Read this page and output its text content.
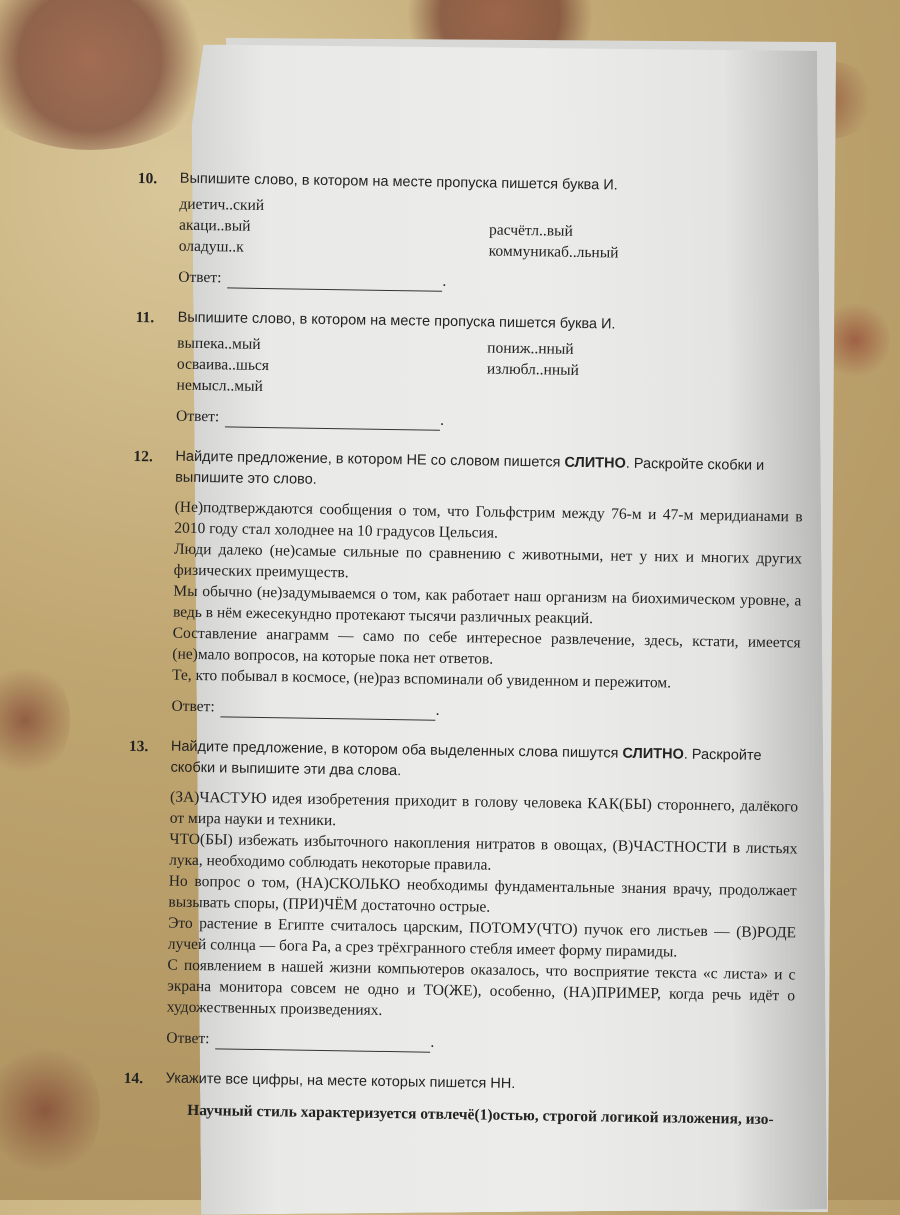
10. Выпишите слово, в котором на месте пропуска пишется буква И.
диетич..ский
акаци..вый	расчётл..вый
оладуш..к	коммуникаб..льный
Ответ:	.
11. Выпишите слово, в котором на месте пропуска пишется буква И.
выпека..мый	пониж..нный
осваива..шься	излюбл..нный
немысл..мый
Ответ:	.
12. Найдите предложение, в котором НЕ со словом пишется СЛИТНО. Раскройте скобки и выпишите это слово.

(Не)подтверждаются сообщения о том, что Гольфстрим между 76-м и 47-м меридианами в 2010 году стал холоднее на 10 градусов Цельсия.

Люди далеко (не)самые сильные по сравнению с животными, нет у них и многих других физических преимуществ.

Мы обычно (не)задумываемся о том, как работает наш организм на биохимическом уровне, а ведь в нём ежесекундно протекают тысячи различных реакций.

Составление анаграмм — само по себе интересное развлечение, здесь, кстати, имеется (не)мало вопросов, на которые пока нет ответов.

Те, кто побывал в космосе, (не)раз вспоминали об увиденном и пережитом.

Ответ:	.
13. Найдите предложение, в котором оба выделенных слова пишутся СЛИТНО. Раскройте скобки и выпишите эти два слова.

(ЗА)ЧАСТУЮ идея изобретения приходит в голову человека КАК(БЫ) стороннего, далёкого от мира науки и техники.

ЧТО(БЫ) избежать избыточного накопления нитратов в овощах, (В)ЧАСТНОСТИ в листьях лука, необходимо соблюдать некоторые правила.

Но вопрос о том, (НА)СКОЛЬКО необходимы фундаментальные знания врачу, продолжает вызывать споры, (ПРИ)ЧЁМ достаточно острые.

Это растение в Египте считалось царским, ПОТОМУ(ЧТО) пучок его листьев — (В)РОДЕ лучей солнца — бога Ра, а срез трёхгранного стебля имеет форму пирамиды.

С появлением в нашей жизни компьютеров оказалось, что восприятие текста «с листа» и с экрана монитора совсем не одно и ТО(ЖЕ), особенно, (НА)ПРИМЕР, когда речь идёт о художественных произведениях.

Ответ:	.
14. Укажите все цифры, на месте которых пишется НН.
Научный стиль характеризуется отвлечё(1)остью, строгой логикой изложения, изо-
